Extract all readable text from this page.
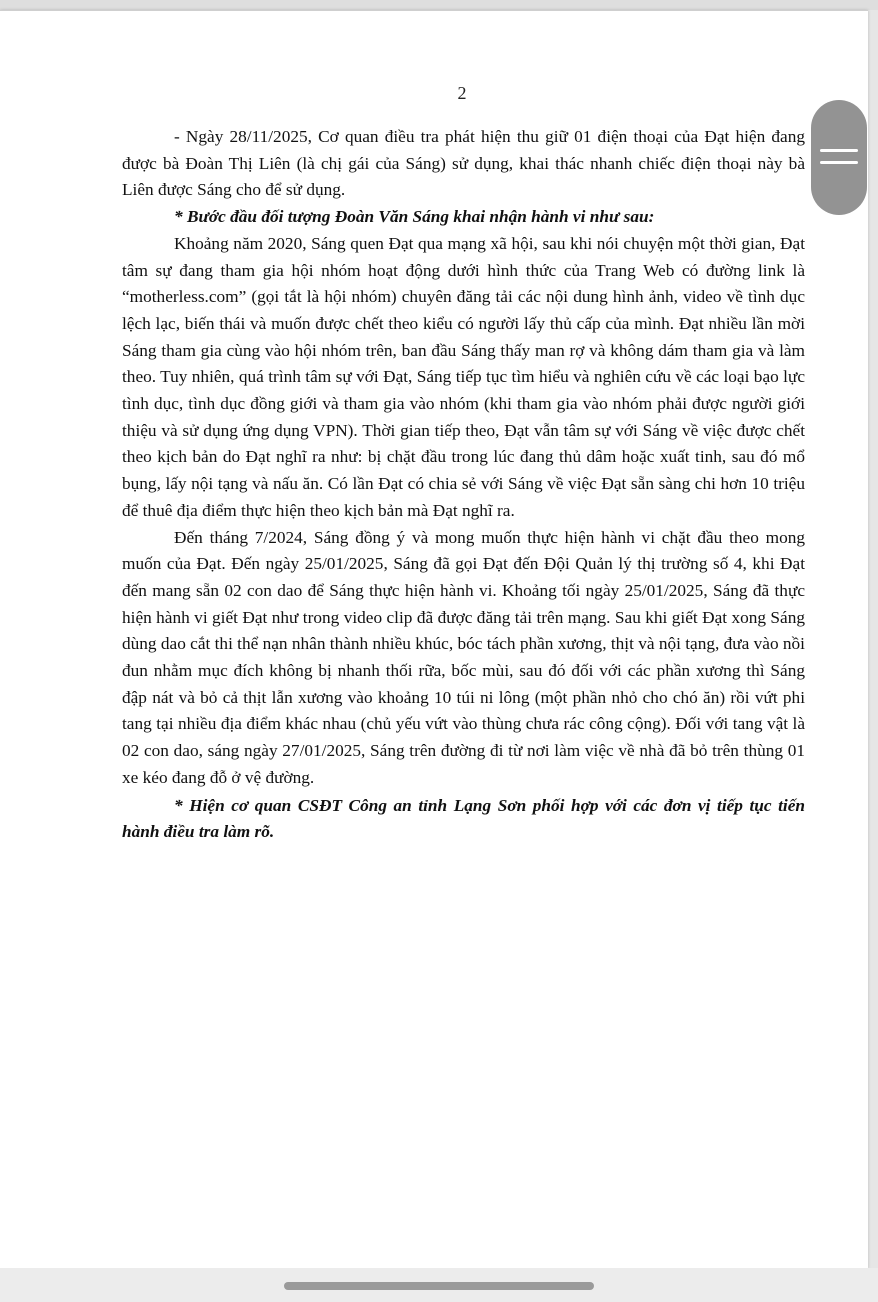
2

- Ngày 28/11/2025, Cơ quan điều tra phát hiện thu giữ 01 điện thoại của Đạt hiện đang được bà Đoàn Thị Liên (là chị gái của Sáng) sử dụng, khai thác nhanh chiếc điện thoại này bà Liên được Sáng cho để sử dụng.

* Bước đầu đối tượng Đoàn Văn Sáng khai nhận hành vi như sau:

Khoảng năm 2020, Sáng quen Đạt qua mạng xã hội, sau khi nói chuyện một thời gian, Đạt tâm sự đang tham gia hội nhóm hoạt động dưới hình thức của Trang Web có đường link là “motherless.com” (gọi tắt là hội nhóm) chuyên đăng tải các nội dung hình ảnh, video về tình dục lệch lạc, biến thái và muốn được chết theo kiểu có người lấy thủ cấp của mình. Đạt nhiều lần mời Sáng tham gia cùng vào hội nhóm trên, ban đầu Sáng thấy man rợ và không dám tham gia và làm theo. Tuy nhiên, quá trình tâm sự với Đạt, Sáng tiếp tục tìm hiểu và nghiên cứu về các loại bạo lực tình dục, tình dục đồng giới và tham gia vào nhóm (khi tham gia vào nhóm phải được người giới thiệu và sử dụng ứng dụng VPN). Thời gian tiếp theo, Đạt vẫn tâm sự với Sáng về việc được chết theo kịch bản do Đạt nghĩ ra như: bị chặt đầu trong lúc đang thủ dâm hoặc xuất tinh, sau đó mổ bụng, lấy nội tạng và nấu ăn. Có lần Đạt có chia sẻ với Sáng về việc Đạt sẵn sàng chi hơn 10 triệu để thuê địa điểm thực hiện theo kịch bản mà Đạt nghĩ ra.

Đến tháng 7/2024, Sáng đồng ý và mong muốn thực hiện hành vi chặt đầu theo mong muốn của Đạt. Đến ngày 25/01/2025, Sáng đã gọi Đạt đến Đội Quản lý thị trường số 4, khi Đạt đến mang sẵn 02 con dao để Sáng thực hiện hành vi. Khoảng tối ngày 25/01/2025, Sáng đã thực hiện hành vi giết Đạt như trong video clip đã được đăng tải trên mạng. Sau khi giết Đạt xong Sáng dùng dao cắt thi thể nạn nhân thành nhiều khúc, bóc tách phần xương, thịt và nội tạng, đưa vào nồi đun nhằm mục đích không bị nhanh thối rữa, bốc mùi, sau đó đối với các phần xương thì Sáng đập nát và bỏ cả thịt lẫn xương vào khoảng 10 túi ni lông (một phần nhỏ cho chó ăn) rồi vứt phi tang tại nhiều địa điểm khác nhau (chủ yếu vứt vào thùng chưa rác công cộng). Đối với tang vật là 02 con dao, sáng ngày 27/01/2025, Sáng trên đường đi từ nơi làm việc về nhà đã bỏ trên thùng 01 xe kéo đang đỗ ở vệ đường.

* Hiện cơ quan CSĐT Công an tỉnh Lạng Sơn phối hợp với các đơn vị tiếp tục tiến hành điều tra làm rõ.
